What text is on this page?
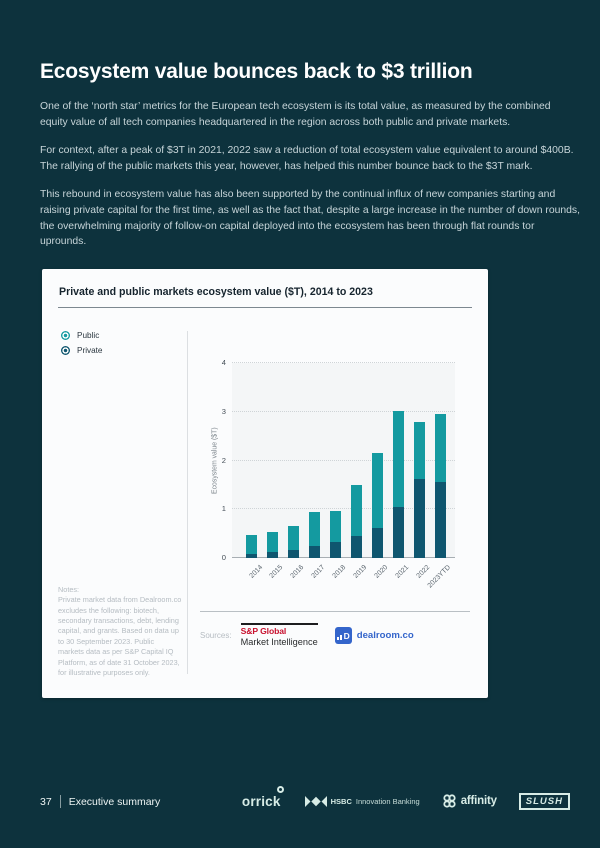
Ecosystem value bounces back to $3 trillion

One of the ‘north star’ metrics for the European tech ecosystem is its total value, as measured by the combined equity value of all tech companies headquartered in the region across both public and private markets.

For context, after a peak of $3T in 2021, 2022 saw a reduction of total ecosystem value equivalent to around $400B. The rallying of the public markets this year, however, has helped this number bounce back to the $3T mark.

This rebound in ecosystem value has also been supported by the continual influx of new companies starting and raising private capital for the first time, as well as the fact that, despite a large increase in the number of down rounds, the overwhelming majority of follow-on capital deployed into the ecosystem has been through flat rounds tor uprounds.

Private and public markets ecosystem value ($T), 2014 to 2023
Public
Private
Notes:
Private market data from Dealroom.co excludes the following: biotech, secondary transactions, debt, lending capital, and grants. Based on data up to 30 September 2023. Public markets data as per S&P Capital IQ Platform, as of date 31 October 2023, for illustrative purposes only.
0
1
2
3
4
Ecosystem value ($T)
2014 2015 2016 2017 2018 2019 2020 2021 2022
2023YTD
Sources: S&P Global
Market Intelligence
D dealroom.co
37 Executive summary	orrick	HSBC Innovation Banking	affinity	SLUSH
